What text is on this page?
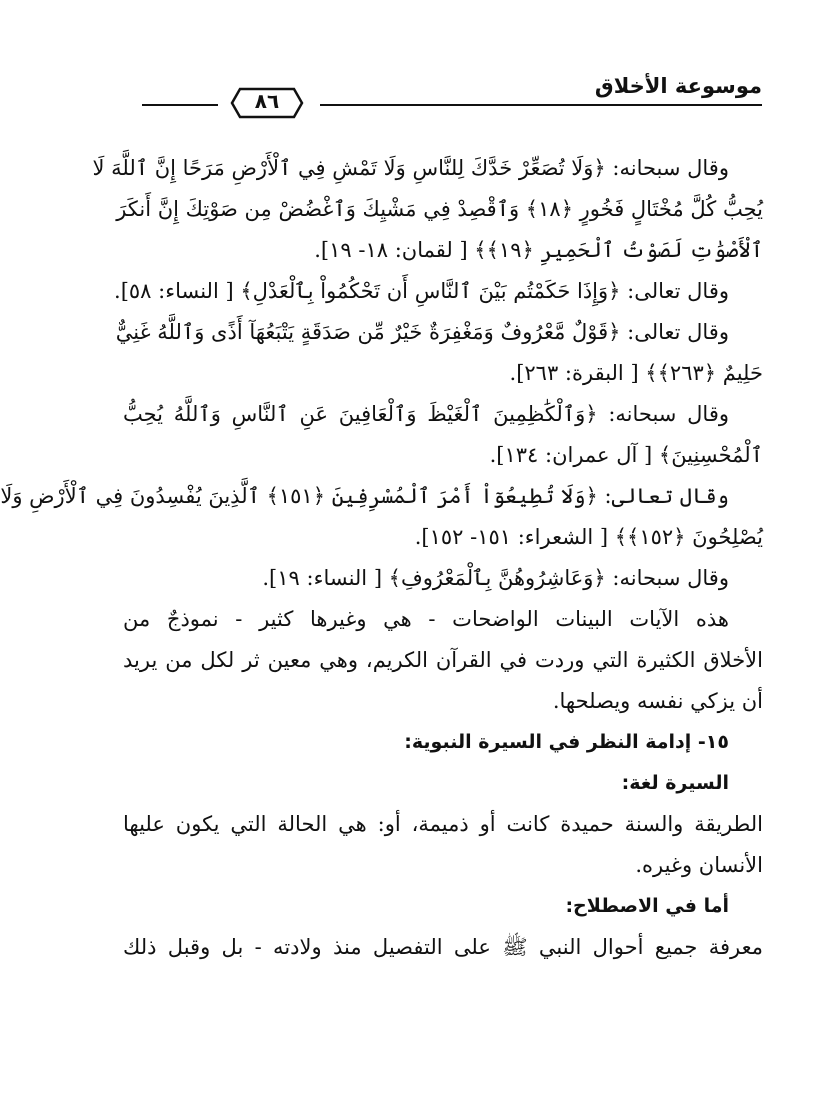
موسوعة الأخلاق
٨٦
وقال سبحانه: ﴿وَلَا تُصَعِّرْ خَدَّكَ لِلنَّاسِ وَلَا تَمْشِ فِي ٱلْأَرْضِ مَرَحًا إِنَّ ٱللَّهَ لَا
يُحِبُّ كُلَّ مُخْتَالٍ فَخُورٍ ﴿١٨﴾ وَٱقْصِدْ فِي مَشْيِكَ وَٱغْضُضْ مِن صَوْتِكَ إِنَّ أَنكَرَ
ٱلْأَصْوَٰتِ لَصَوْتُ ٱلْحَمِيرِ ﴿١٩﴾﴾ [ لقمان: ١٨- ١٩].
وقال تعالى: ﴿وَإِذَا حَكَمْتُم بَيْنَ ٱلنَّاسِ أَن تَحْكُمُواْ بِٱلْعَدْلِ﴾ [ النساء: ٥٨].
وقال تعالى: ﴿قَوْلٌ مَّعْرُوفٌ وَمَغْفِرَةٌ خَيْرٌ مِّن صَدَقَةٍ يَتْبَعُهَآ أَذًى وَٱللَّهُ غَنِيٌّ
حَلِيمٌ ﴿٢٦٣﴾﴾ [ البقرة: ٢٦٣].
وقال سبحانه: ﴿وَٱلْكَٰظِمِينَ ٱلْغَيْظَ وَٱلْعَافِينَ عَنِ ٱلنَّاسِ وَٱللَّهُ يُحِبُّ
ٱلْمُحْسِنِينَ﴾ [ آل عمران: ١٣٤].
وقال تعالى: ﴿وَلَا تُطِيعُوٓاْ أَمْرَ ٱلْمُسْرِفِينَ ﴿١٥١﴾ ٱلَّذِينَ يُفْسِدُونَ فِي ٱلْأَرْضِ وَلَا
يُصْلِحُونَ ﴿١٥٢﴾﴾ [ الشعراء: ١٥١- ١٥٢].
وقال سبحانه: ﴿وَعَاشِرُوهُنَّ بِٱلْمَعْرُوفِ﴾ [ النساء: ١٩].
هذه الآيات البينات الواضحات - هي وغيرها كثير - نموذجٌ من
الأخلاق الكثيرة التي وردت في القرآن الكريم، وهي معين ثر لكل من يريد
أن يزكي نفسه ويصلحها.
١٥- إدامة النظر في السيرة النبوية:
السيرة لغة:
الطريقة والسنة حميدة كانت أو ذميمة، أو: هي الحالة التي يكون عليها
الأنسان وغيره.
أما في الاصطلاح:
معرفة جميع أحوال النبي ﷺ على التفصيل منذ ولادته - بل وقبل ذلك
